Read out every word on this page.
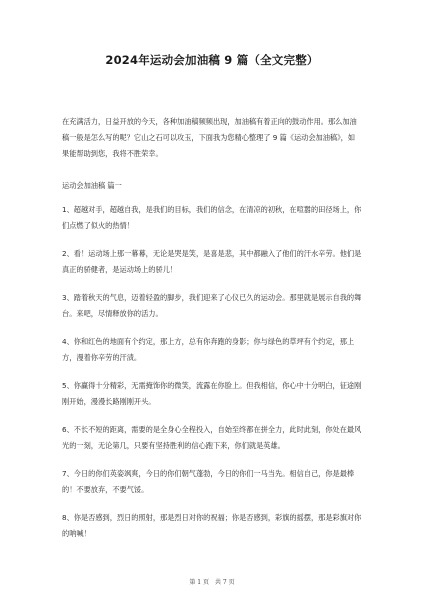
2024年运动会加油稿 9 篇（全文完整）
在充满活力，日益开放的今天，各种加油稿频频出现，加油稿有着正向的鼓动作用。那么加油稿一般是怎么写的呢？它山之石可以攻玉，下面我为您精心整理了 9 篇《运动会加油稿》，如果能帮助到您，我将不胜荣幸。
运动会加油稿 篇一
1、超越对手，超越自我，是我们的目标，我们的信念，在清凉的初秋，在喧嚣的田径场上，你们点燃了似火的热情！
2、看！运动场上那一幕幕，无论是哭是笑，是喜是悲，其中都融入了他们的汗水辛劳。他们是真正的骄健者，是运动场上的骄儿！
3、踏着秋天的气息，迈着轻盈的脚步，我们迎来了心仪已久的运动会。那里就是展示自我的舞台。来吧，尽情释放你的活力。
4、你和红色的地面有个约定，那上方，总有你奔跑的身影；你与绿色的草坪有个约定，那上方，漫着你辛劳的汗渍。
5、你赢得十分精彩，无需掩饰你的微笑，流露在你脸上。但我相信，你心中十分明白，征途刚刚开始，漫漫长路刚刚开头。
6、不长不短的距离，需要的是全身心全程投入，自始至终都在拼全力，此时此刻，你处在最风光的一刻，无论第几，只要有坚持胜利的信心跑下来，你们就是英雄。
7、今日的你们英姿飒爽，今日的你们朝气蓬勃，今日的你们一马当先。相信自己，你是最棒的！不要放弃，不要气馁。
8、你是否感到，烈日的照射，那是烈日对你的祝福；你是否感到，彩旗的摇摆，那是彩旗对你的呐喊！
第 1 页　共 7 页
